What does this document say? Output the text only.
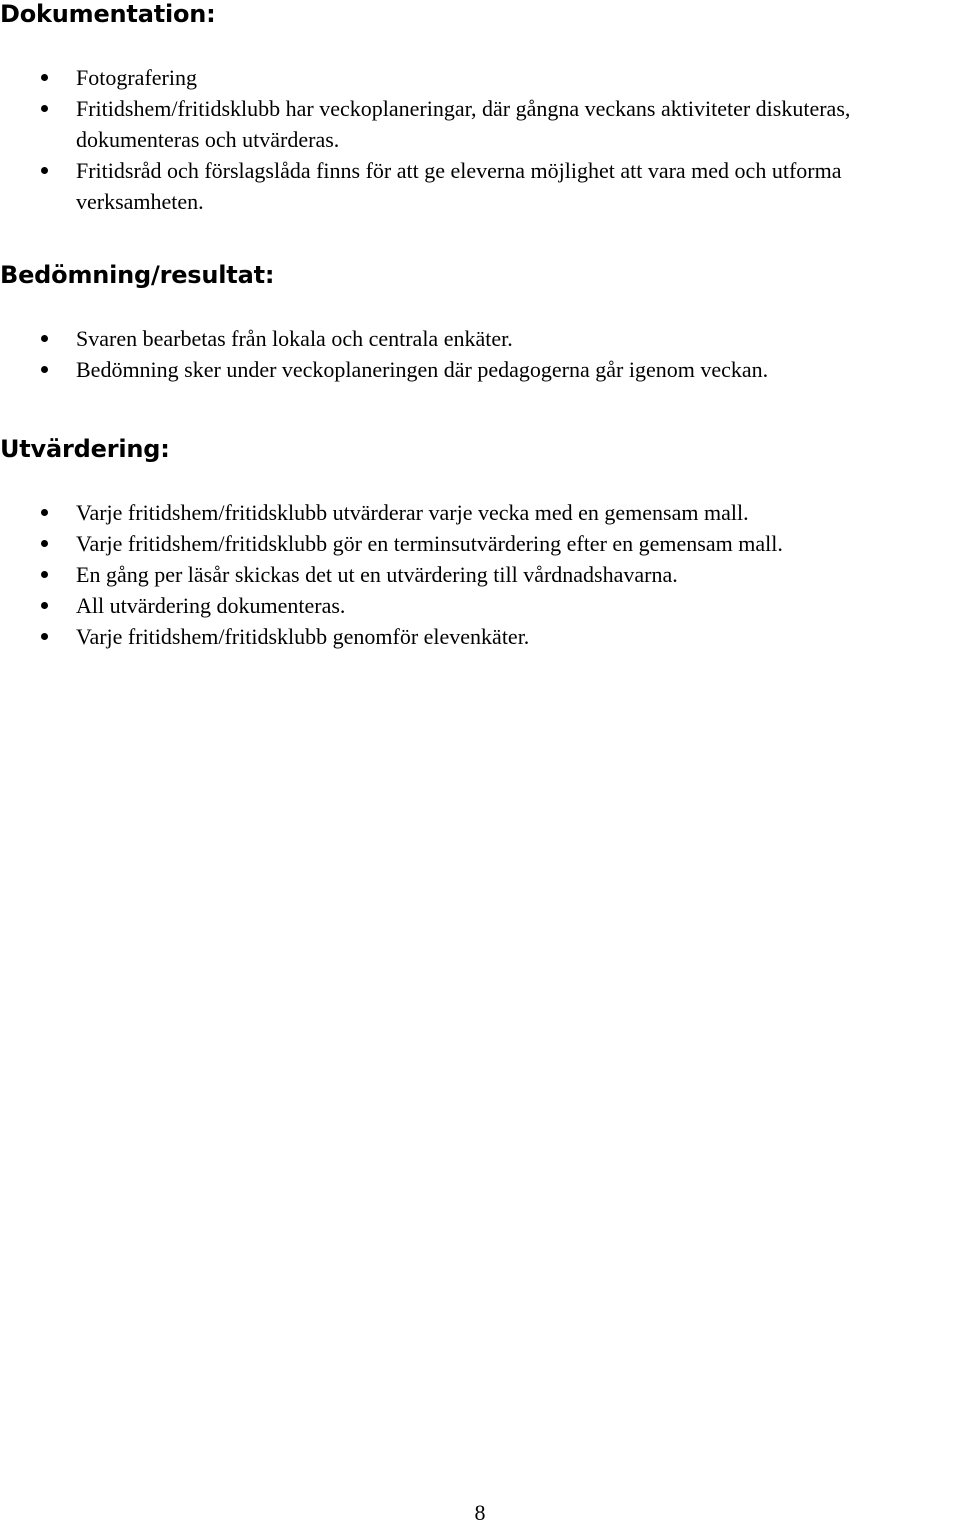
Dokumentation:
Fotografering
Fritidshem/fritidsklubb har veckoplaneringar, där gångna veckans aktiviteter diskuteras, dokumenteras och utvärderas.
Fritidsråd och förslagslåda finns för att ge eleverna möjlighet att vara med och utforma verksamheten.
Bedömning/resultat:
Svaren bearbetas från lokala och centrala enkäter.
Bedömning sker under veckoplaneringen där pedagogerna går igenom veckan.
Utvärdering:
Varje fritidshem/fritidsklubb utvärderar varje vecka med en gemensam mall.
Varje fritidshem/fritidsklubb gör en terminsutvärdering efter en gemensam mall.
En gång per läsår skickas det ut en utvärdering till vårdnadshavarna.
All utvärdering dokumenteras.
Varje fritidshem/fritidsklubb genomför elevenkäter.
8
